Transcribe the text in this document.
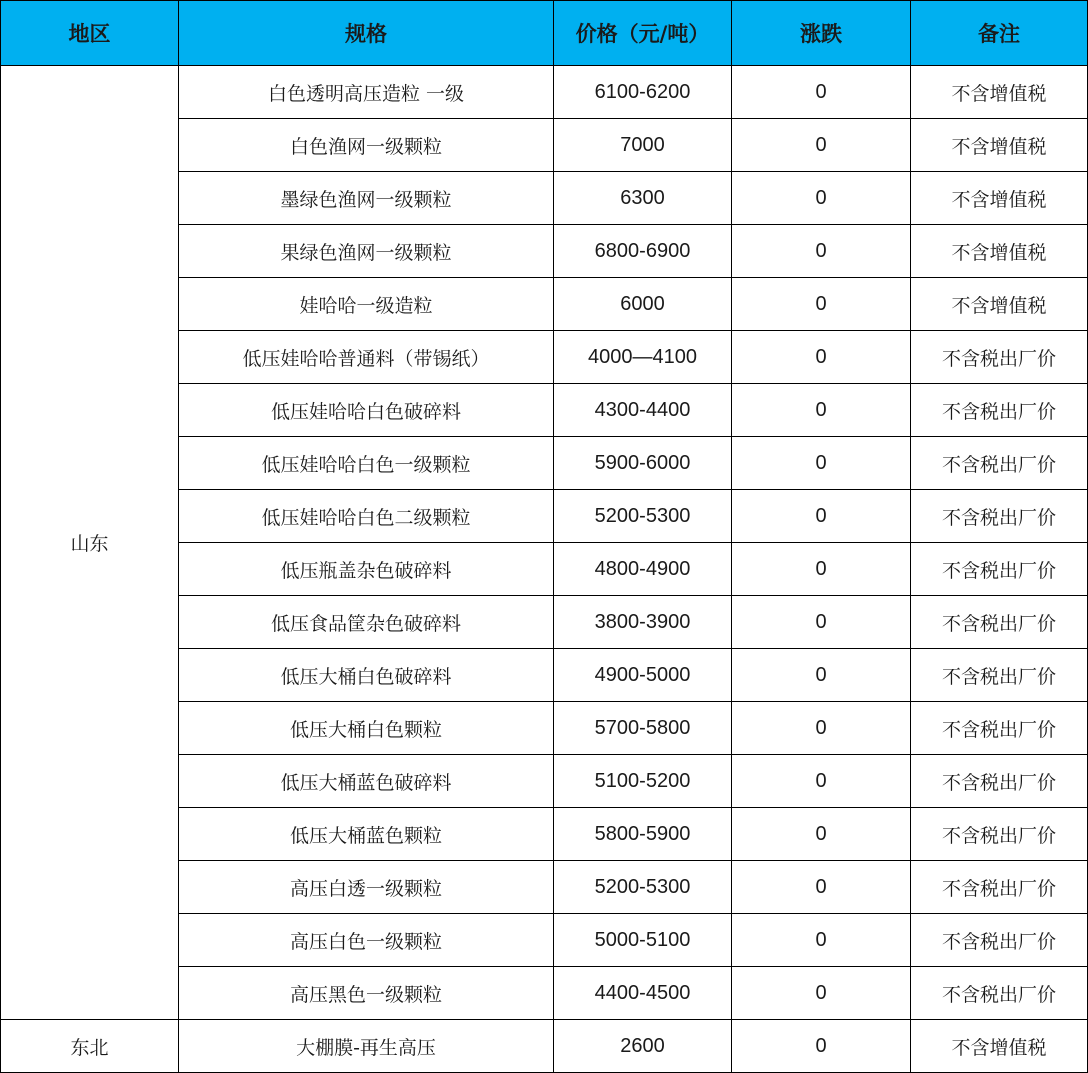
地区	规格	价格（元/吨）	涨跌	备注
山东	白色透明高压造粒 一级	6100-6200	0	不含增值税
	白色渔网一级颗粒	7000	0	不含增值税
	墨绿色渔网一级颗粒	6300	0	不含增值税
	果绿色渔网一级颗粒	6800-6900	0	不含增值税
	娃哈哈一级造粒	6000	0	不含增值税
	低压娃哈哈普通料（带锡纸）	4000—4100	0	不含税出厂价
	低压娃哈哈白色破碎料	4300-4400	0	不含税出厂价
	低压娃哈哈白色一级颗粒	5900-6000	0	不含税出厂价
	低压娃哈哈白色二级颗粒	5200-5300	0	不含税出厂价
	低压瓶盖杂色破碎料	4800-4900	0	不含税出厂价
	低压食品筐杂色破碎料	3800-3900	0	不含税出厂价
	低压大桶白色破碎料	4900-5000	0	不含税出厂价
	低压大桶白色颗粒	5700-5800	0	不含税出厂价
	低压大桶蓝色破碎料	5100-5200	0	不含税出厂价
	低压大桶蓝色颗粒	5800-5900	0	不含税出厂价
	高压白透一级颗粒	5200-5300	0	不含税出厂价
	高压白色一级颗粒	5000-5100	0	不含税出厂价
	高压黑色一级颗粒	4400-4500	0	不含税出厂价
东北	大棚膜-再生高压	2600	0	不含增值税
